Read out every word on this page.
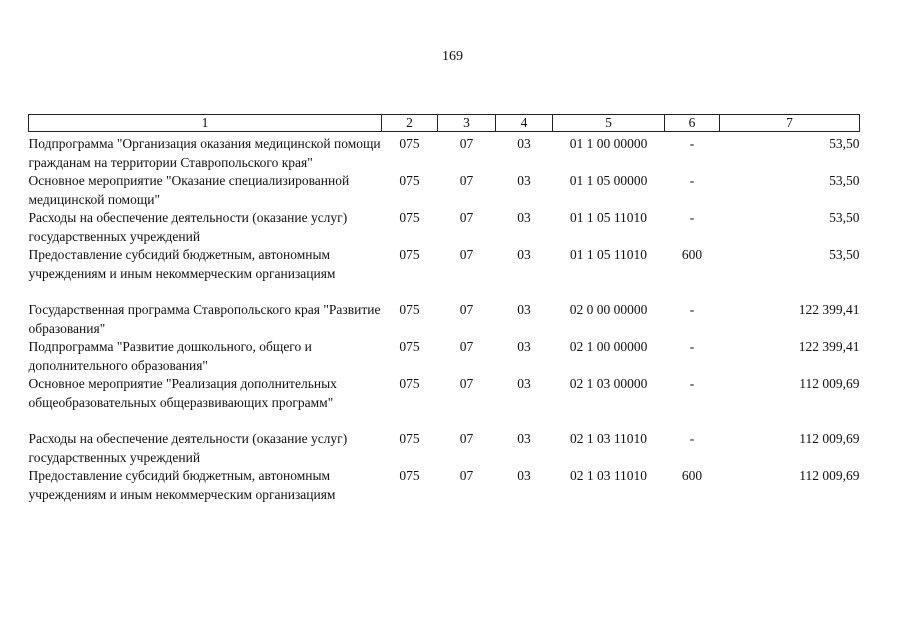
169
1	2	3	4	5	6	7
Подпрограмма "Организация оказания медицинской помощи гражданам на территории Ставропольского края"	075	07	03	01 1 00 00000	-	53,50
Основное мероприятие "Оказание специализированной медицинской помощи"	075	07	03	01 1 05 00000	-	53,50
Расходы на обеспечение деятельности (оказание услуг) государственных учреждений	075	07	03	01 1 05 11010	-	53,50
Предоставление субсидий бюджетным, автономным учреждениям и иным некоммерческим организациям	075	07	03	01 1 05 11010	600	53,50

Государственная программа Ставропольского края "Развитие образования"	075	07	03	02 0 00 00000	-	122 399,41
Подпрограмма "Развитие дошкольного, общего и дополнительного образования"	075	07	03	02 1 00 00000	-	122 399,41
Основное мероприятие "Реализация дополнительных общеобразовательных общеразвивающих программ"	075	07	03	02 1 03 00000	-	112 009,69

Расходы на обеспечение деятельности (оказание услуг) государственных учреждений	075	07	03	02 1 03 11010	-	112 009,69
Предоставление субсидий бюджетным, автономным учреждениям и иным некоммерческим организациям	075	07	03	02 1 03 11010	600	112 009,69
